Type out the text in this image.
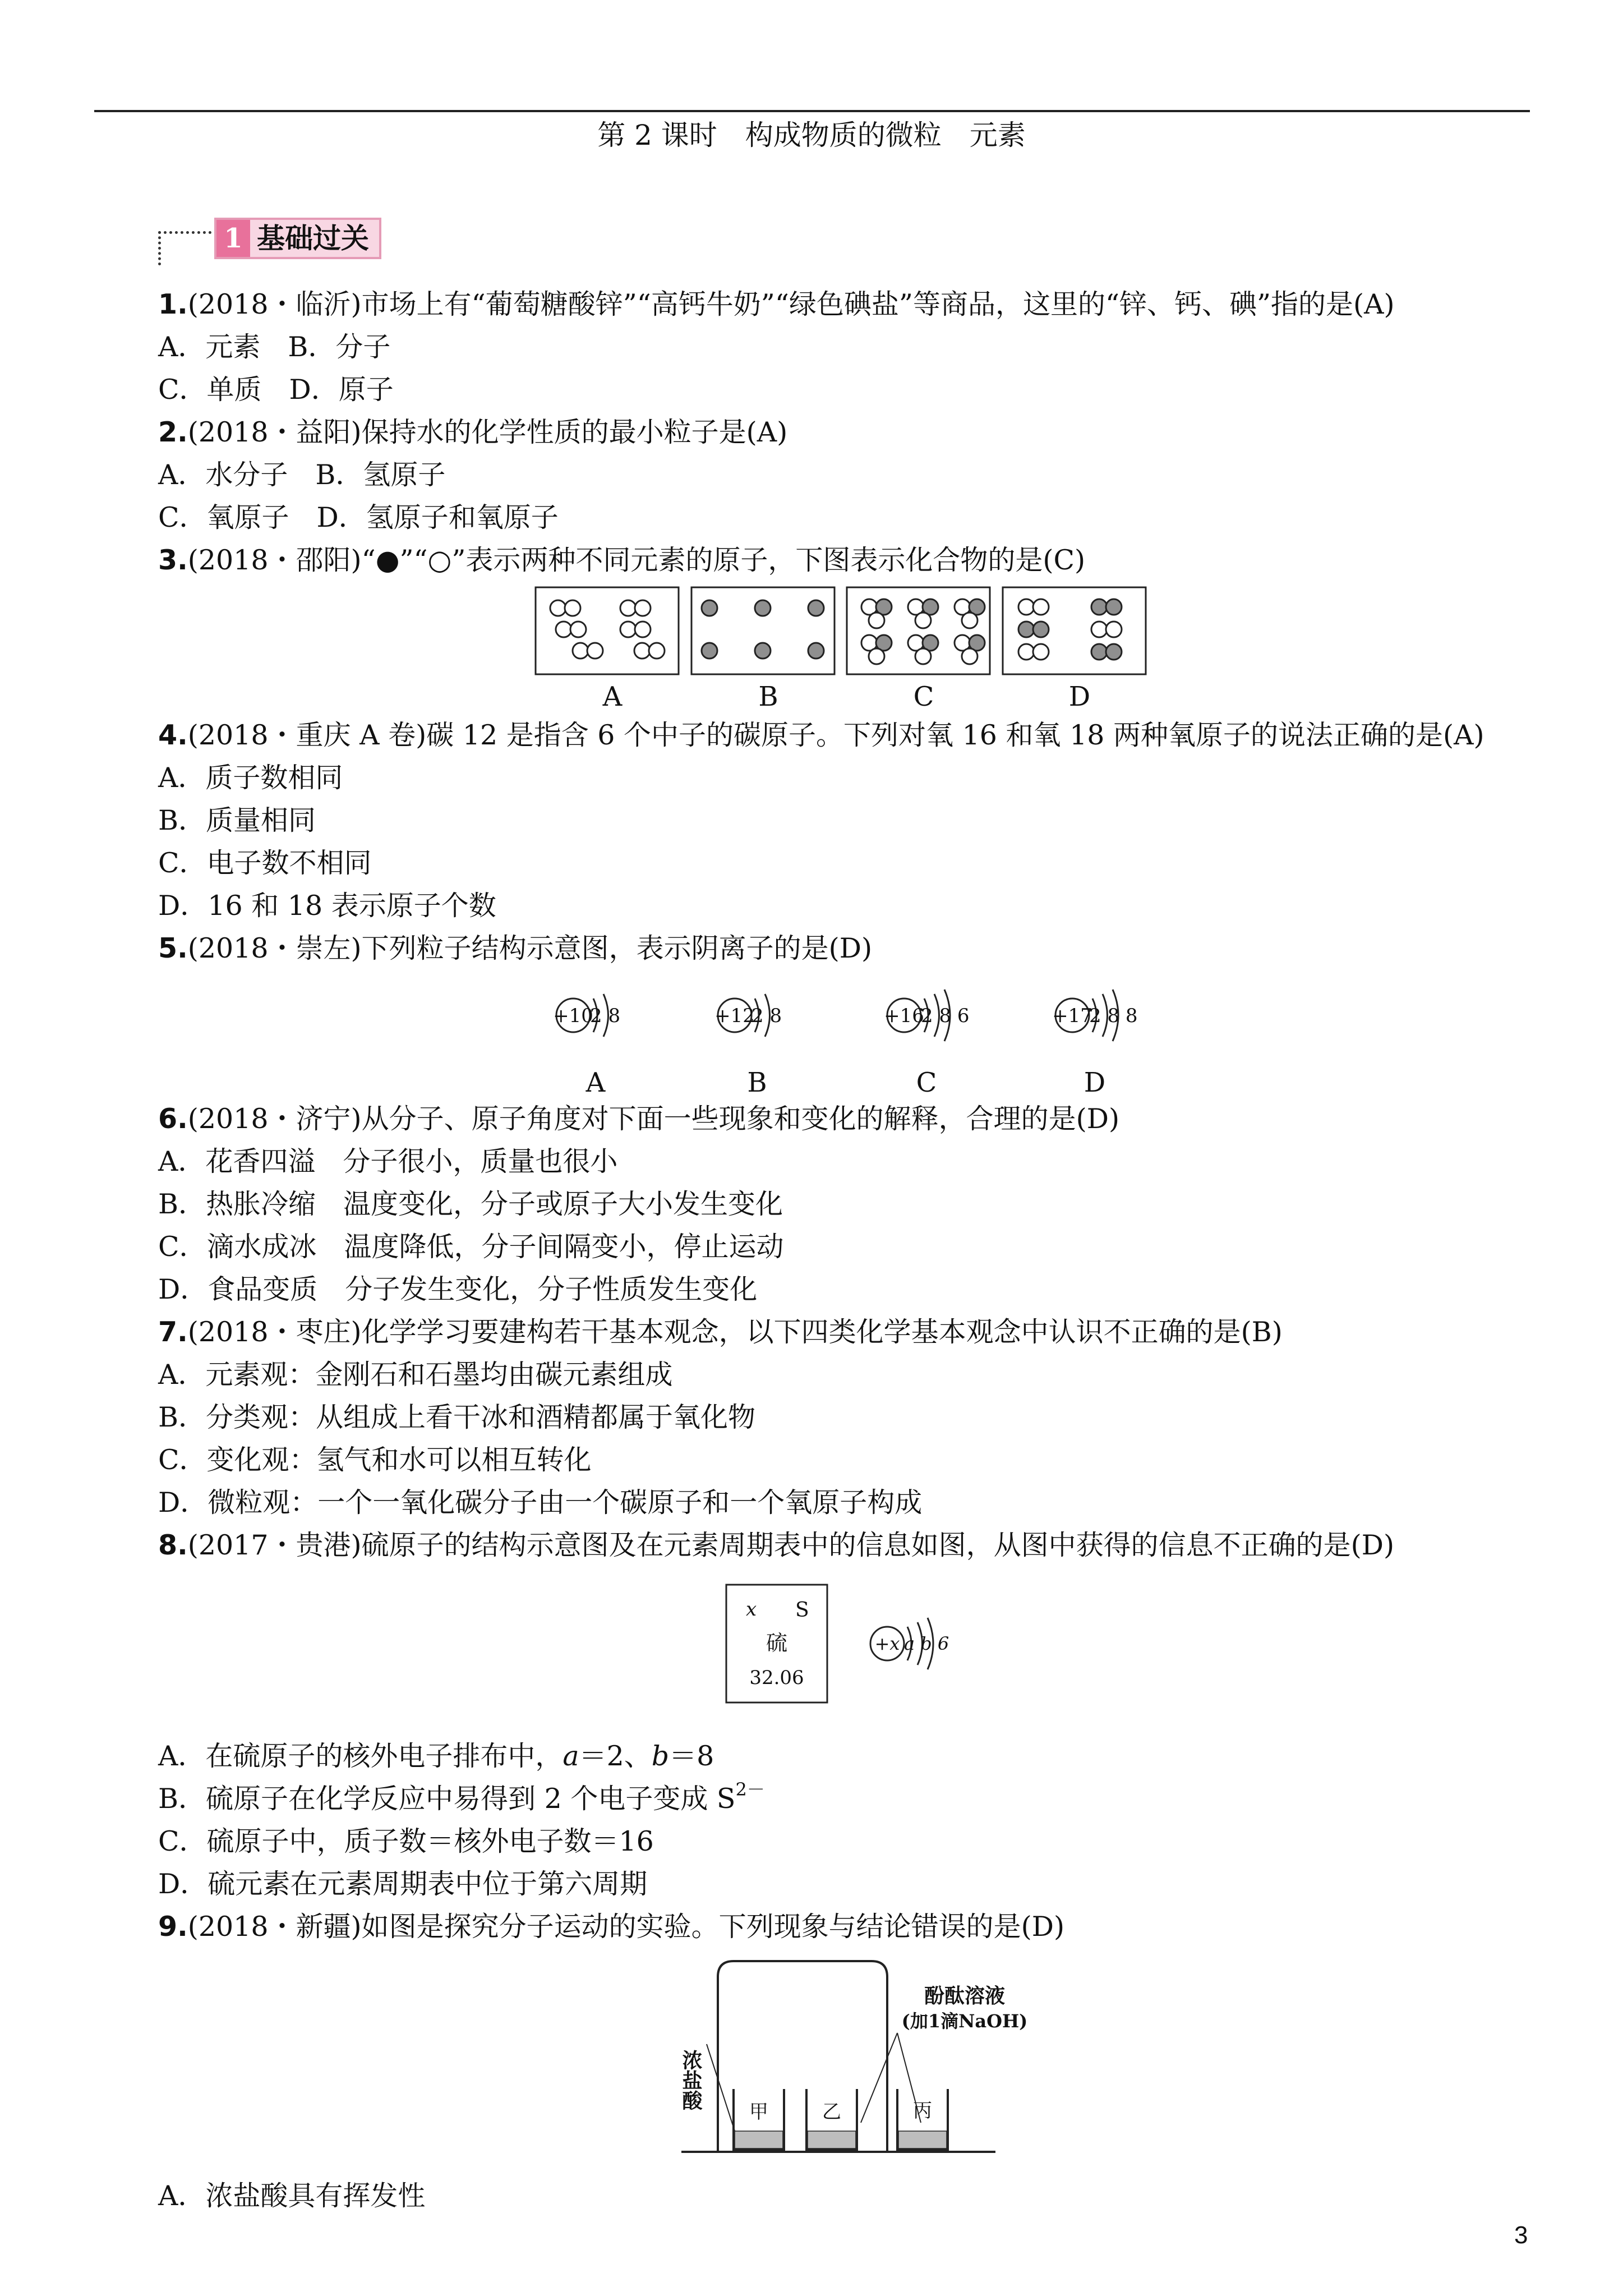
第 2 课时　构成物质的微粒　元素
1 基础过关
1.(2018・临沂)市场上有“葡萄糖酸锌”“高钙牛奶”“绿色碘盐”等商品，这里的“锌、钙、碘”指的是(A)
A．元素　B．分子
C．单质　D．原子
2.(2018・益阳)保持水的化学性质的最小粒子是(A)
A．水分子　B．氢原子
C．氧原子　D．氢原子和氧原子
3.(2018・邵阳)“●”“○”表示两种不同元素的原子，下图表示化合物的是(C)
A	B	C	D
4.(2018・重庆 A 卷)碳 12 是指含 6 个中子的碳原子。下列对氧 16 和氧 18 两种氧原子的说法正确的是(A)
A．质子数相同
B．质量相同
C．电子数不相同
D．16 和 18 表示原子个数
5.(2018・崇左)下列粒子结构示意图，表示阴离子的是(D)
+10
2 8	+12
2 8	+16
2 8 6	+17
2 8 8
A	B	C	D
6.(2018・济宁)从分子、原子角度对下面一些现象和变化的解释，合理的是(D)
A．花香四溢　分子很小，质量也很小
B．热胀冷缩　温度变化，分子或原子大小发生变化
C．滴水成冰　温度降低，分子间隔变小，停止运动
D．食品变质　分子发生变化，分子性质发生变化
7.(2018・枣庄)化学学习要建构若干基本观念，以下四类化学基本观念中认识不正确的是(B)
A．元素观：金刚石和石墨均由碳元素组成
B．分类观：从组成上看干冰和酒精都属于氧化物
C．变化观：氢气和水可以相互转化
D．微粒观：一个一氧化碳分子由一个碳原子和一个氧原子构成
8.(2017・贵港)硫原子的结构示意图及在元素周期表中的信息如图，从图中获得的信息不正确的是(D)
x S
硫
32.06
+x a b 6
A．在硫原子的核外电子排布中，a＝2、b＝8
B．硫原子在化学反应中易得到 2 个电子变成 $S^{2-}$
C．硫原子中，质子数＝核外电子数＝16
D．硫元素在元素周期表中位于第六周期
9.(2018・新疆)如图是探究分子运动的实验。下列现象与结论错误的是(D)
甲	乙	丙
酚酞溶液
(加1滴NaOH)
浓盐酸
A．浓盐酸具有挥发性
3
